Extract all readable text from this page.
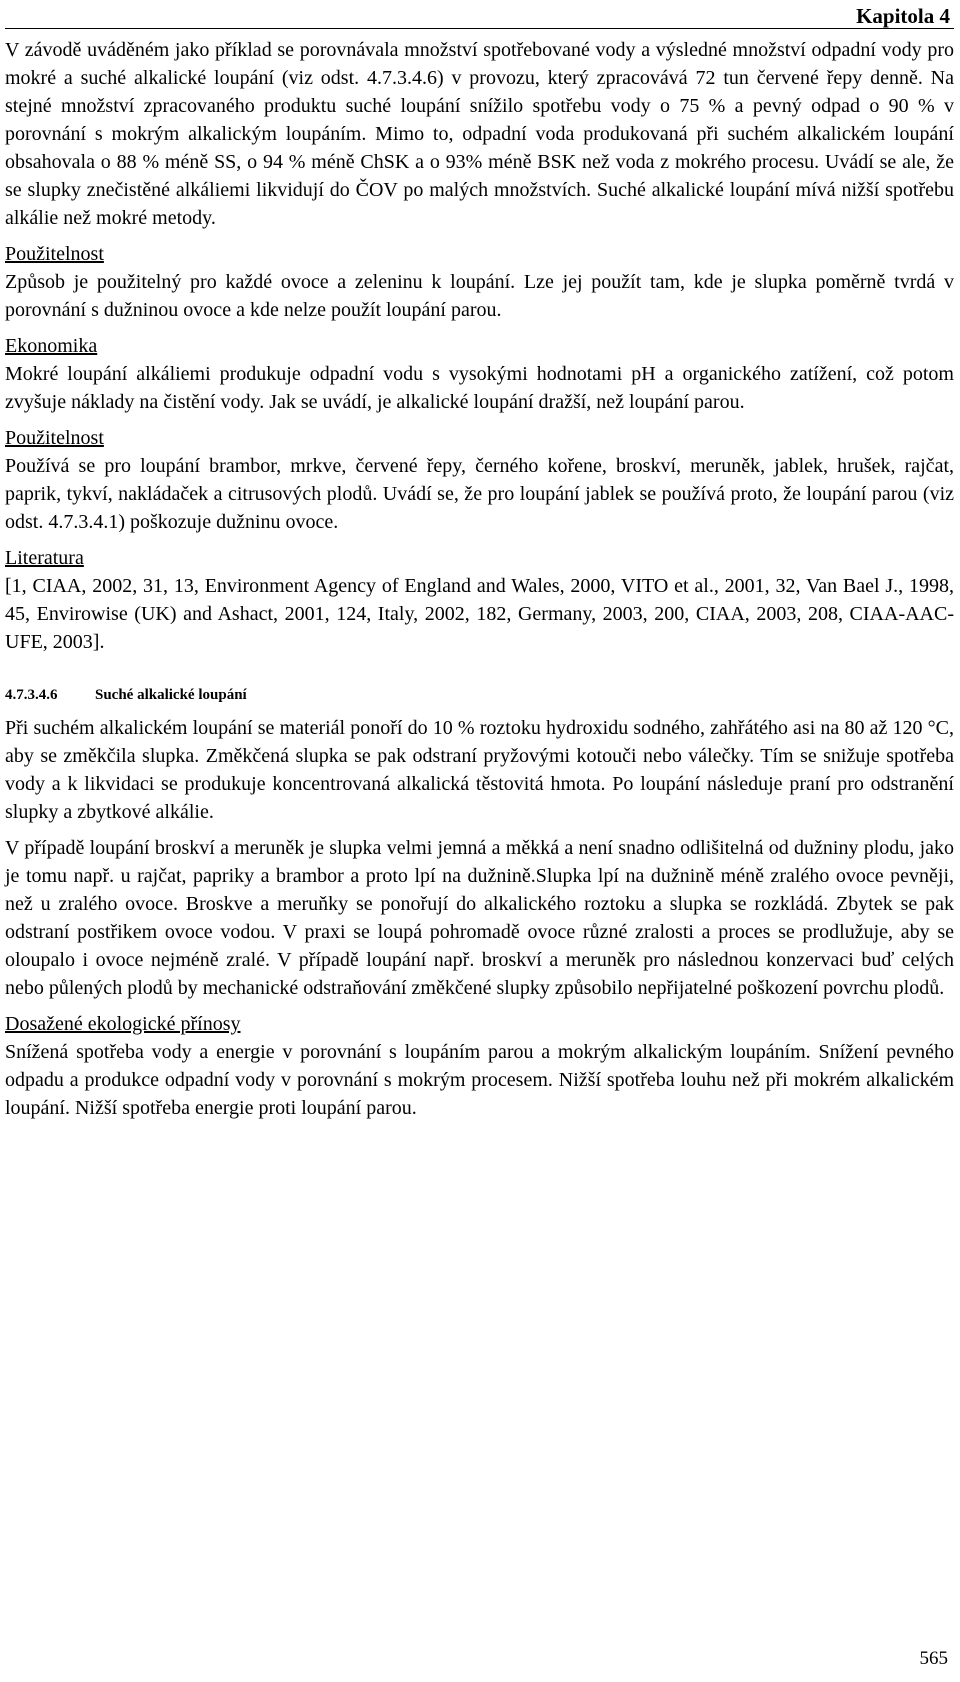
Kapitola 4

V závodě uváděném jako příklad se porovnávala množství spotřebované vody a výsledné množství odpadní vody pro mokré a suché alkalické loupání (viz odst. 4.7.3.4.6) v provozu, který zpracovává 72 tun červené řepy denně. Na stejné množství zpracovaného produktu suché loupání snížilo spotřebu vody o 75 % a pevný odpad o 90 % v porovnání s mokrým alkalickým loupáním. Mimo to, odpadní voda produkovaná při suchém alkalickém loupání obsahovala o 88 % méně SS, o 94 % méně ChSK a o 93% méně BSK než voda z mokrého procesu. Uvádí se ale, že se slupky znečistěné alkáliemi likvidují do ČOV po malých množstvích. Suché alkalické loupání mívá nižší spotřebu alkálie než mokré metody.

Použitelnost

Způsob je použitelný pro každé ovoce a zeleninu k loupání. Lze jej použít tam, kde je slupka poměrně tvrdá v porovnání s dužninou ovoce a kde nelze použít loupání parou.

Ekonomika

Mokré loupání alkáliemi produkuje odpadní vodu s vysokými hodnotami pH a organického zatížení, což potom zvyšuje náklady na čistění vody. Jak se uvádí, je alkalické loupání dražší, než loupání parou.

Použitelnost

Používá se pro loupání brambor, mrkve, červené řepy, černého kořene, broskví, meruněk, jablek, hrušek, rajčat, paprik, tykví, nakládaček a citrusových plodů. Uvádí se, že pro loupání jablek se používá proto, že loupání parou (viz odst. 4.7.3.4.1) poškozuje dužninu ovoce.

Literatura

[1, CIAA, 2002, 31, 13, Environment Agency of England and Wales, 2000, VITO et al., 2001, 32, Van Bael J., 1998, 45, Envirowise (UK) and Ashact, 2001, 124, Italy, 2002, 182, Germany, 2003, 200, CIAA, 2003, 208, CIAA-AAC-UFE, 2003].

4.7.3.4.6	Suché alkalické loupání

Při suchém alkalickém loupání se materiál ponoří do 10 % roztoku hydroxidu sodného, zahřátého asi na 80 až 120 °C, aby se změkčila slupka. Změkčená slupka se pak odstraní pryžovými kotouči nebo válečky. Tím se snižuje spotřeba vody a k likvidaci se produkuje koncentrovaná alkalická těstovitá hmota. Po loupání následuje praní pro odstranění slupky a zbytkové alkálie.

V případě loupání broskví a meruněk je slupka velmi jemná a měkká a není snadno odlišitelná od dužniny plodu, jako je tomu např. u rajčat, papriky a brambor a proto lpí na dužnině.Slupka lpí na dužnině méně zralého ovoce pevněji, než u zralého ovoce. Broskve a meruňky se ponořují do alkalického roztoku a slupka se rozkládá. Zbytek se pak odstraní postřikem ovoce vodou. V praxi se loupá pohromadě ovoce různé zralosti a proces se prodlužuje, aby se oloupalo i ovoce nejméně zralé. V případě loupání např. broskví a meruněk pro následnou konzervaci buď celých nebo půlených plodů by mechanické odstraňování změkčené slupky způsobilo nepřijatelné poškození povrchu plodů.

Dosažené ekologické přínosy

Snížená spotřeba vody a energie v porovnání s loupáním parou a mokrým alkalickým loupáním. Snížení pevného odpadu a produkce odpadní vody v porovnání s mokrým procesem. Nižší spotřeba louhu než při mokrém alkalickém loupání. Nižší spotřeba energie proti loupání parou.

565
